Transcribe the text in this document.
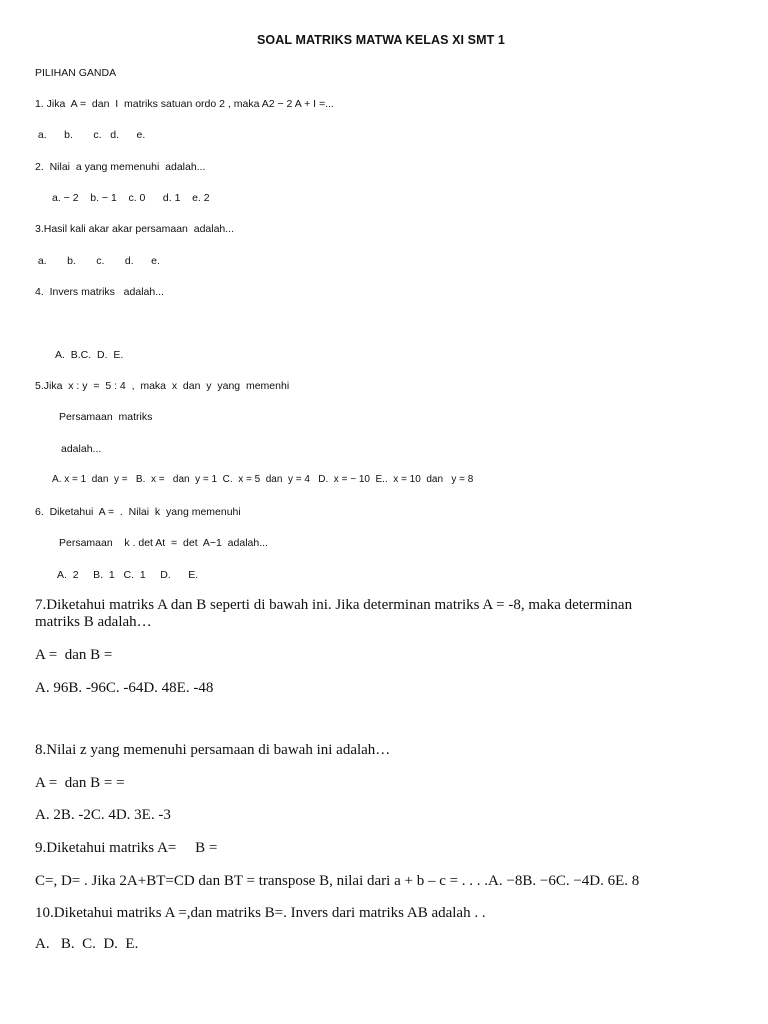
SOAL MATRIKS MATWA KELAS XI SMT 1
PILIHAN GANDA
1. Jika  A =  dan  I  matriks satuan ordo 2 , maka A2 − 2 A + I =...
a.      b.       c.   d.      e.
2.  Nilai  a yang memenuhi  adalah...
a. − 2    b. − 1    c. 0      d. 1    e. 2
3.Hasil kali akar akar persamaan  adalah...
a.       b.       c.       d.      e.
4.  Invers matriks   adalah...
A.  B.C.  D.  E.
5.Jika  x : y  =  5 : 4  ,  maka  x  dan  y  yang  memenhi
Persamaan  matriks
adalah...
A. x = 1  dan  y =   B.  x =   dan  y = 1  C.  x = 5  dan  y = 4   D.  x = − 10  E..  x = 10  dan   y = 8
6.  Diketahui  A =  .  Nilai  k  yang memenuhi
Persamaan    k . det At  =  det  A−1  adalah...
A.  2     B.  1   C.  1     D.      E.
7.Diketahui matriks A dan B seperti di bawah ini. Jika determinan matriks A = -8, maka determinan
matriks B adalah…
A =  dan B =
A. 96B. -96C. -64D. 48E. -48
8.Nilai z yang memenuhi persamaan di bawah ini adalah…
A =  dan B = =
A. 2B. -2C. 4D. 3E. -3
9.Diketahui matriks A=     B =
C=, D= . Jika 2A+BT=CD dan BT = transpose B, nilai dari a + b – c = . . . .A. −8B. −6C. −4D. 6E. 8
10.Diketahui matriks A =,dan matriks B=. Invers dari matriks AB adalah . .
A.   B.  C.  D.  E.
